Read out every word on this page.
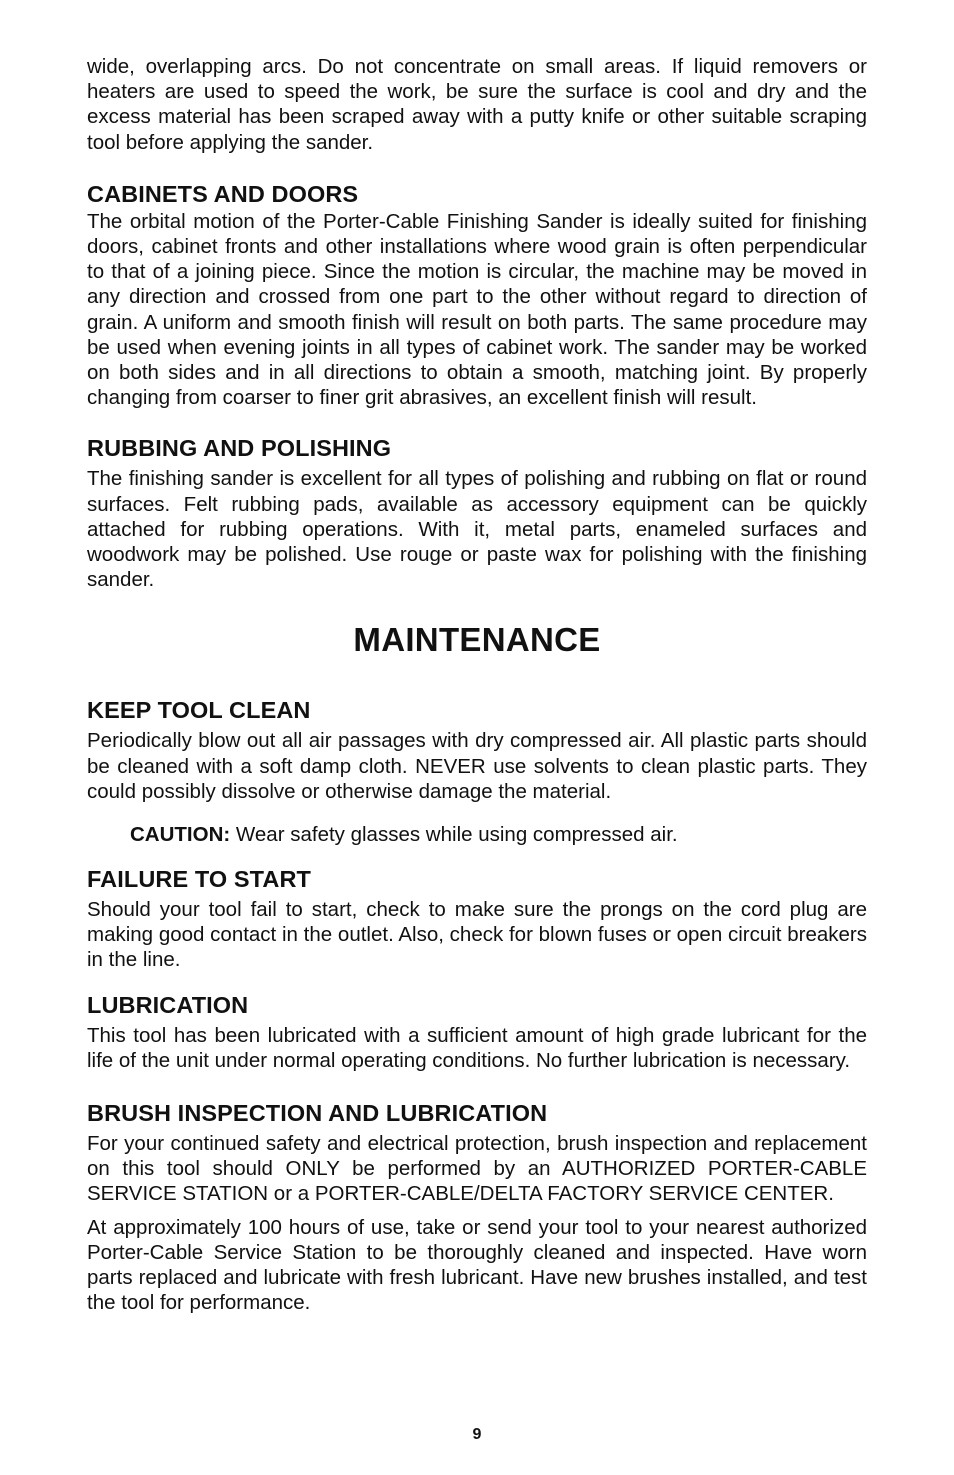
wide, overlapping arcs. Do not concentrate on small areas. If liquid removers or heaters are used to speed the work, be sure the surface is cool and dry and the excess material has been scraped away with a putty knife or other suitable scraping tool before applying the sander.

CABINETS AND DOORS

The orbital motion of the Porter-Cable Finishing Sander is ideally suited for finishing doors, cabinet fronts and other installations where wood grain is often perpendicular to that of a joining piece. Since the motion is circular, the machine may be moved in any direction and crossed from one part to the other without regard to direction of grain. A uniform and smooth finish will result on both parts. The same procedure may be used when evening joints in all types of cabinet work. The sander may be worked on both sides and in all directions to obtain a smooth, matching joint. By properly changing from coarser to finer grit abrasives, an excellent finish will result.

RUBBING AND POLISHING

The finishing sander is excellent for all types of polishing and rubbing on flat or round surfaces. Felt rubbing pads, available as accessory equipment can be quickly attached for rubbing operations. With it, metal parts, enameled surfaces and woodwork may be polished. Use rouge or paste wax for polishing with the finishing sander.

MAINTENANCE
KEEP TOOL CLEAN

Periodically blow out all air passages with dry compressed air. All plastic parts should be cleaned with a soft damp cloth. NEVER use solvents to clean plastic parts. They could possibly dissolve or otherwise damage the material.

CAUTION: Wear safety glasses while using compressed air.
FAILURE TO START

Should your tool fail to start, check to make sure the prongs on the cord plug are making good contact in the outlet. Also, check for blown fuses or open circuit breakers in the line.

LUBRICATION

This tool has been lubricated with a sufficient amount of high grade lubricant for the life of the unit under normal operating conditions. No further lubrication is necessary.

BRUSH INSPECTION AND LUBRICATION

For your continued safety and electrical protection, brush inspection and replacement on this tool should ONLY be performed by an AUTHORIZED PORTER-CABLE SERVICE STATION or a PORTER-CABLE/DELTA FACTORY SERVICE CENTER.

At approximately 100 hours of use, take or send your tool to your nearest authorized Porter-Cable Service Station to be thoroughly cleaned and inspected. Have worn parts replaced and lubricate with fresh lubricant. Have new brushes installed, and test the tool for performance.

9
